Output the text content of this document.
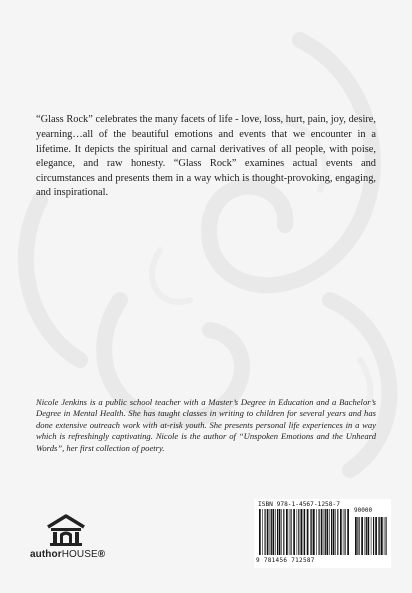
“Glass Rock” celebrates the many facets of life - love, loss, hurt, pain, joy, desire, yearning…all of the beautiful emotions and events that we encounter in a lifetime. It depicts the spiritual and carnal derivatives of all people, with poise, elegance, and raw honesty. “Glass Rock” examines actual events and circumstances and presents them in a way which is thought-provoking, engaging, and inspirational.

Nicole Jenkins is a public school teacher with a Master’s Degree in Education and a Bachelor’s Degree in Mental Health. She has taught classes in writing to children for several years and has done extensive outreach work with at-risk youth. She presents personal life experiences in a way which is refreshingly captivating. Nicole is the author of “Unspoken Emotions and the Unheard Words”, her first collection of poetry.

authorHOUSE®
ISBN 978-1-4567-1258-7
90000
9 781456 712587
